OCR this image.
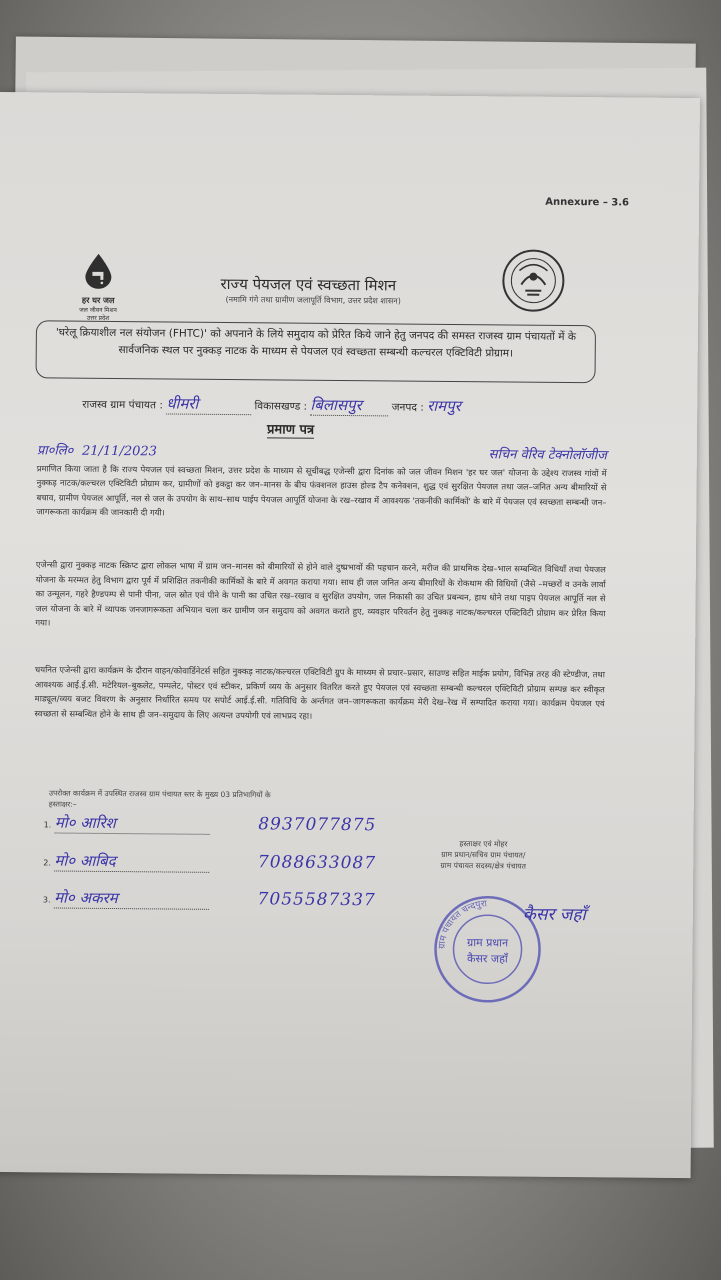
Annexure – 3.6
हर घर जल
जल जीवन मिशन
उत्तर प्रदेश
राज्य पेयजल एवं स्वच्छता मिशन
(नमामि गंगे तथा ग्रामीण जलापूर्ति विभाग, उत्तर प्रदेश शासन)
'घरेलू क्रियाशील नल संयोजन (FHTC)' को अपनाने के लिये समुदाय को प्रेरित किये जाने हेतु जनपद की समस्त राजस्व ग्राम पंचायतों में के सार्वजनिक स्थल पर नुक्कड़ नाटक के माध्यम से पेयजल एवं स्वच्छता सम्बन्धी कल्चरल एक्टिविटी प्रोग्राम।
राजस्व ग्राम पंचायत : धीमरी	विकासखण्ड : बिलासपुर	जनपद : रामपुर
प्रमाण पत्र
प्रा०लि० 21/11/2023	सचिन वेरिव टेक्नोलॉजीज
प्रमाणित किया जाता है कि राज्य पेयजल एवं स्वच्छता मिशन, उत्तर प्रदेश के माध्यम से सूचीबद्ध एजेन्सी द्वारा दिनांक को जल जीवन मिशन 'हर घर जल' योजना के उद्देश्य राजस्व गांवों में नुक्कड़ नाटक/कल्चरल एक्टिविटी प्रोग्राम कर, ग्रामीणों को इकट्ठा कर जन–मानस के बीच फंक्शनल हाउस होल्ड टैप कनेक्शन, शुद्ध एवं सुरक्षित पेयजल तथा जल–जनित अन्य बीमारियों से बचाव, ग्रामीण पेयजल आपूर्ति, नल से जल के उपयोग के साथ–साथ पाईप पेयजल आपूर्ति योजना के रख–रखाव में आवश्यक 'तकनीकी कार्मिकों' के बारे में पेयजल एवं स्वच्छता सम्बन्धी जन–जागरूकता कार्यक्रम की जानकारी दी गयी।
एजेन्सी द्वारा नुक्कड़ नाटक स्क्रिप्ट द्वारा लोकल भाषा में ग्राम जन–मानस को बीमारियों से होने वाले दुष्प्रभावों की पहचान करने, मरीज की प्राथमिक देख–भाल सम्बन्धित विधियाँ तथा पेयजल योजना के मरम्मत हेतु विभाग द्वारा पूर्व में प्रशिक्षित तकनीकी कार्मिकों के बारे में अवगत कराया गया। साथ ही जल जनित अन्य बीमारियों के रोकथाम की विधियों (जैसे –मच्छरों व उनके लार्वा का उन्मूलन, गहरे हैण्डपम्प से पानी पीना, जल स्रोत एवं पीने के पानी का उचित रख–रखाव व सुरक्षित उपयोग, जल निकासी का उचित प्रबन्धन, हाथ धोने तथा पाइप पेयजल आपूर्ति नल से जल योजना के बारे में व्यापक जनजागरूकता अभियान चला कर ग्रामीण जन समुदाय को अवगत कराते हुए, व्यवहार परिवर्तन हेतु नुक्कड़ नाटक/कल्चरल एक्टिविटी प्रोग्राम कर प्रेरित किया गया।
चयनित एजेन्सी द्वारा कार्यक्रम के दौरान वाहन/कोवार्डिनेटर्स सहित नुक्कड़ नाटक/कल्चरल एक्टिविटी ग्रुप के माध्यम से प्रचार–प्रसार, साउण्ड सहित माईक प्रयोग, विभिन्न तरह की स्टेण्डीज, तथा आवश्यक आई.ई.सी. मटेरियल–बुकलेट, पम्पलेट, पोस्टर एवं स्टीकर, प्रकिर्ण व्यय के अनुसार वितरित करते हुए पेयजल एवं स्वच्छता सम्बन्धी कल्चरल एक्टिविटी प्रोग्राम सम्पन्न कर स्वीकृत माड्यूल/व्यय बजट विवरण के अनुसार निर्धारित समय पर सपोर्ट आई.ई.सी. गतिविधि के अर्न्तगत जन–जागरूकता कार्यक्रम मेरी देख–रेख में सम्पादित कराया गया। कार्यक्रम पेयजल एवं स्वच्छता से सम्बन्धित होने के साथ ही जन–समुदाय के लिए अत्यन्त उपयोगी एवं लाभप्रद रहा।
उपरोक्त कार्यक्रम में उपस्थित राजस्व ग्राम पंचायत स्तर के मुख्य 03 प्रतिभागियों के
हस्ताक्षर:–
1. मो० आरिश	8937077875
2. मो० आबिद	7088633087
3. मो० अकरम	7055587337
हस्ताक्षर एवं मोहर
ग्राम प्रधान/सचिव ग्राम पंचायत/
ग्राम पंचायत सदस्य/क्षेत्र पंचायत
ग्राम पंचायत चन्दपुरा
ग्राम प्रधान
कैसर जहाँ
कैसर जहाँ
